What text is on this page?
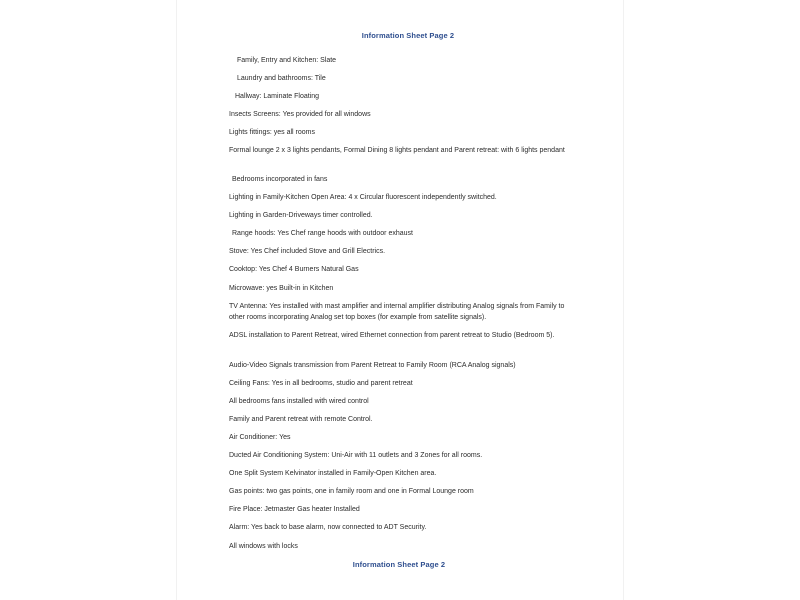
Information Sheet Page 2
Family, Entry and Kitchen: Slate
Laundry and bathrooms: Tile
Hallway: Laminate Floating
Insects Screens: Yes provided for all windows
Lights fittings: yes all rooms
Formal lounge 2 x 3 lights pendants, Formal Dining 8 lights pendant and Parent retreat: with 6 lights pendant
Bedrooms incorporated in fans
Lighting in Family-Kitchen Open Area: 4 x Circular fluorescent independently switched.
Lighting in Garden-Driveways timer controlled.
Range hoods: Yes Chef range hoods with outdoor exhaust
Stove: Yes Chef included Stove and Grill Electrics.
Cooktop: Yes Chef 4 Burners Natural Gas
Microwave: yes Built-in in Kitchen
TV Antenna: Yes installed with mast amplifier and internal amplifier distributing Analog signals from Family to other rooms incorporating Analog set top boxes (for example from satellite signals).
ADSL installation to Parent Retreat, wired Ethernet connection from parent retreat to Studio (Bedroom 5).
Audio-Video Signals transmission from Parent Retreat to Family Room (RCA Analog signals)
Ceiling Fans: Yes in all bedrooms, studio and parent retreat
All bedrooms fans installed with wired control
Family and Parent retreat with remote Control.
Air Conditioner: Yes
Ducted Air Conditioning System: Uni-Air with 11 outlets and 3 Zones for all rooms.
One Split System Kelvinator installed in Family-Open Kitchen area.
Gas points: two gas points, one in family room and one in Formal Lounge room
Fire Place: Jetmaster Gas heater Installed
Alarm: Yes back to base alarm, now connected to ADT Security.
All windows with locks
Information Sheet Page 2
